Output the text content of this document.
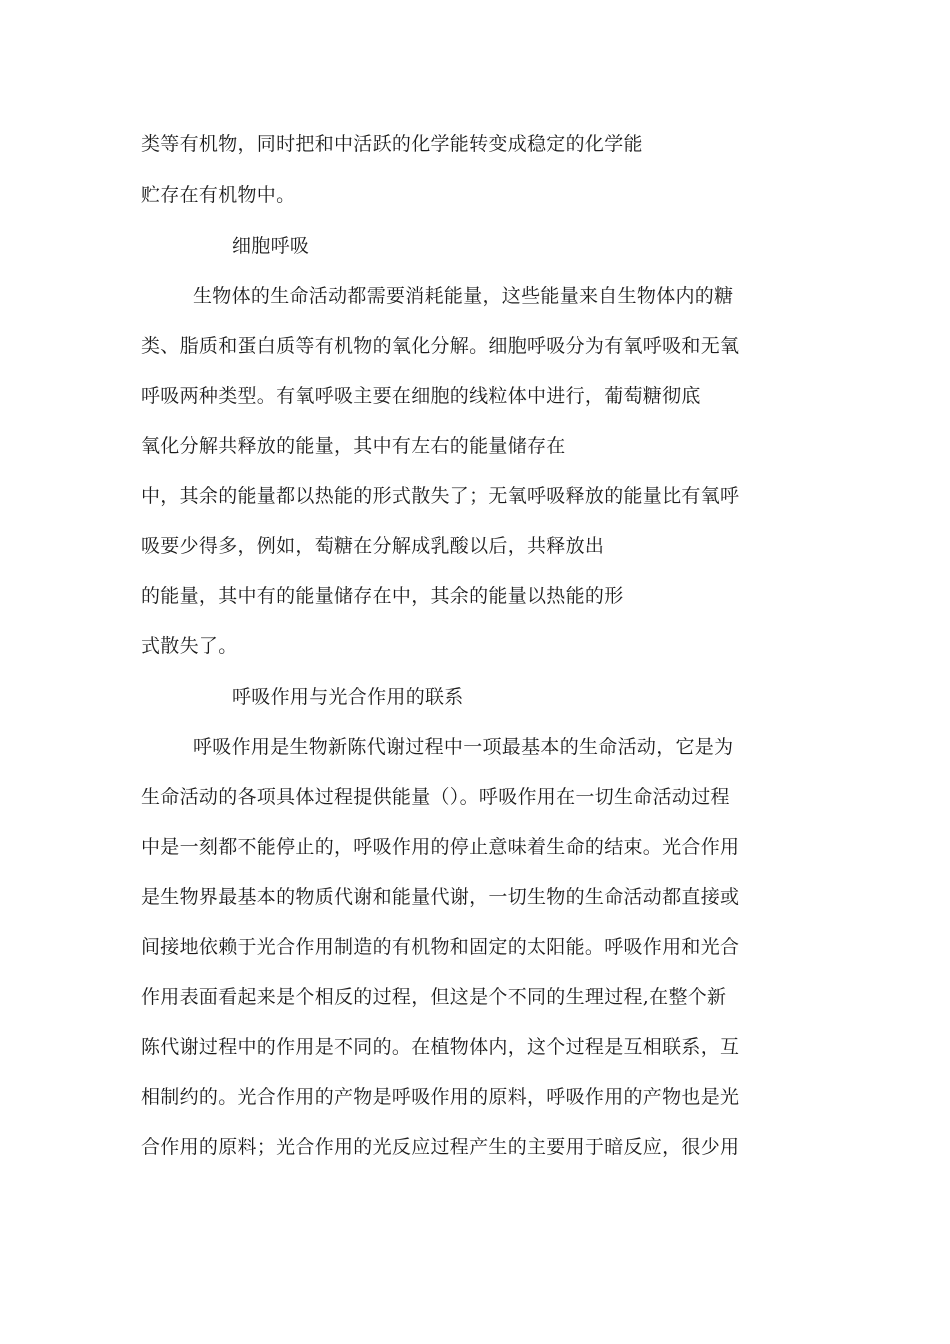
类等有机物，同时把和中活跃的化学能转变成稳定的化学能
贮存在有机物中。
细胞呼吸
生物体的生命活动都需要消耗能量，这些能量来自生物体内的糖
类、脂质和蛋白质等有机物的氧化分解。细胞呼吸分为有氧呼吸和无氧
呼吸两种类型。有氧呼吸主要在细胞的线粒体中进行，葡萄糖彻底
氧化分解共释放的能量，其中有左右的能量储存在
中，其余的能量都以热能的形式散失了；无氧呼吸释放的能量比有氧呼
吸要少得多，例如，萄糖在分解成乳酸以后，共释放出
的能量，其中有的能量储存在中，其余的能量以热能的形
式散失了。
呼吸作用与光合作用的联系
呼吸作用是生物新陈代谢过程中一项最基本的生命活动，它是为
生命活动的各项具体过程提供能量（）。呼吸作用在一切生命活动过程
中是一刻都不能停止的，呼吸作用的停止意味着生命的结束。光合作用
是生物界最基本的物质代谢和能量代谢，一切生物的生命活动都直接或
间接地依赖于光合作用制造的有机物和固定的太阳能。呼吸作用和光合
作用表面看起来是个相反的过程，但这是个不同的生理过程,在整个新
陈代谢过程中的作用是不同的。在植物体内，这个过程是互相联系，互
相制约的。光合作用的产物是呼吸作用的原料，呼吸作用的产物也是光
合作用的原料；光合作用的光反应过程产生的主要用于暗反应，很少用
